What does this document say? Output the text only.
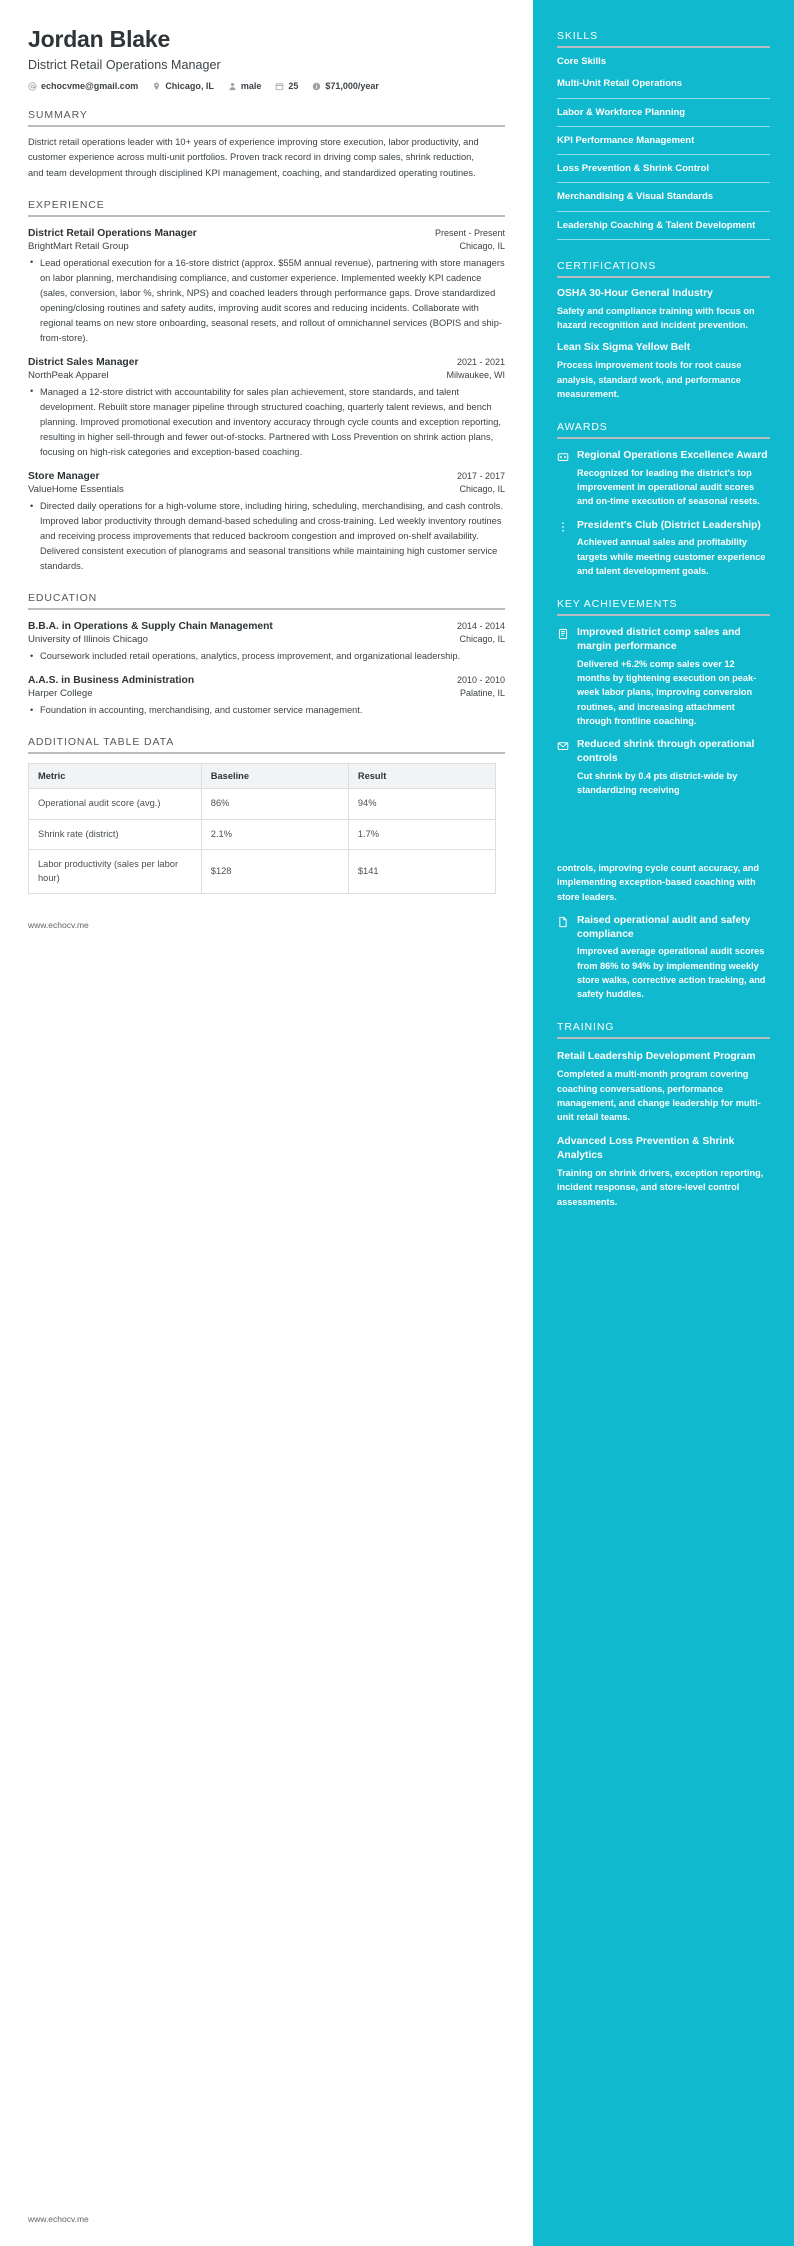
Jordan Blake
District Retail Operations Manager
echocvme@gmail.com	Chicago, IL	male	25	$71,000/year
SUMMARY

District retail operations leader with 10+ years of experience improving store execution, labor productivity, and customer experience across multi-unit portfolios. Proven track record in driving comp sales, shrink reduction, and team development through disciplined KPI management, coaching, and standardized operating routines.

EXPERIENCE
District Retail Operations Manager	Present - Present
BrightMart Retail Group	Chicago, IL
• Lead operational execution for a 16-store district (approx. $55M annual revenue), partnering with store managers on labor planning, merchandising compliance, and customer experience. Implemented weekly KPI cadence (sales, conversion, labor %, shrink, NPS) and coached leaders through performance gaps. Drove standardized opening/closing routines and safety audits, improving audit scores and reducing incidents. Collaborate with regional teams on new store onboarding, seasonal resets, and rollout of omnichannel services (BOPIS and ship-from-store).
District Sales Manager	2021 - 2021
NorthPeak Apparel	Milwaukee, WI
• Managed a 12-store district with accountability for sales plan achievement, store standards, and talent development. Rebuilt store manager pipeline through structured coaching, quarterly talent reviews, and bench planning. Improved promotional execution and inventory accuracy through cycle counts and exception reporting, resulting in higher sell-through and fewer out-of-stocks. Partnered with Loss Prevention on shrink action plans, focusing on high-risk categories and exception-based coaching.
Store Manager	2017 - 2017
ValueHome Essentials	Chicago, IL
• Directed daily operations for a high-volume store, including hiring, scheduling, merchandising, and cash controls. Improved labor productivity through demand-based scheduling and cross-training. Led weekly inventory routines and receiving process improvements that reduced backroom congestion and improved on-shelf availability. Delivered consistent execution of planograms and seasonal transitions while maintaining high customer service standards.
EDUCATION
B.B.A. in Operations & Supply Chain Management	2014 - 2014
University of Illinois Chicago	Chicago, IL
• Coursework included retail operations, analytics, process improvement, and organizational leadership.
A.A.S. in Business Administration	2010 - 2010
Harper College	Palatine, IL
• Foundation in accounting, merchandising, and customer service management.
ADDITIONAL TABLE DATA
Metric	Baseline	Result
Operational audit score (avg.)	86%	94%
Shrink rate (district)	2.1%	1.7%
Labor productivity (sales per labor hour)	$128	$141
www.echocv.me
www.echocv.me
SKILLS
Core Skills
Multi-Unit Retail Operations
Labor & Workforce Planning
KPI Performance Management
Loss Prevention & Shrink Control
Merchandising & Visual Standards
Leadership Coaching & Talent Development
CERTIFICATIONS
OSHA 30-Hour General Industry
Safety and compliance training with focus on hazard recognition and incident prevention.
Lean Six Sigma Yellow Belt
Process improvement tools for root cause analysis, standard work, and performance measurement.
AWARDS
Regional Operations Excellence Award
Recognized for leading the district's top improvement in operational audit scores and on-time execution of seasonal resets.
President's Club (District Leadership)
Achieved annual sales and profitability targets while meeting customer experience and talent development goals.
KEY ACHIEVEMENTS
Improved district comp sales and margin performance
Delivered +6.2% comp sales over 12 months by tightening execution on peak-week labor plans, improving conversion routines, and increasing attachment through frontline coaching.
Reduced shrink through operational controls
Cut shrink by 0.4 pts district-wide by standardizing receiving
controls, improving cycle count accuracy, and implementing exception-based coaching with store leaders.
Raised operational audit and safety compliance
Improved average operational audit scores from 86% to 94% by implementing weekly store walks, corrective action tracking, and safety huddles.
TRAINING
Retail Leadership Development Program
Completed a multi-month program covering coaching conversations, performance management, and change leadership for multi-unit retail teams.
Advanced Loss Prevention & Shrink Analytics
Training on shrink drivers, exception reporting, incident response, and store-level control assessments.
